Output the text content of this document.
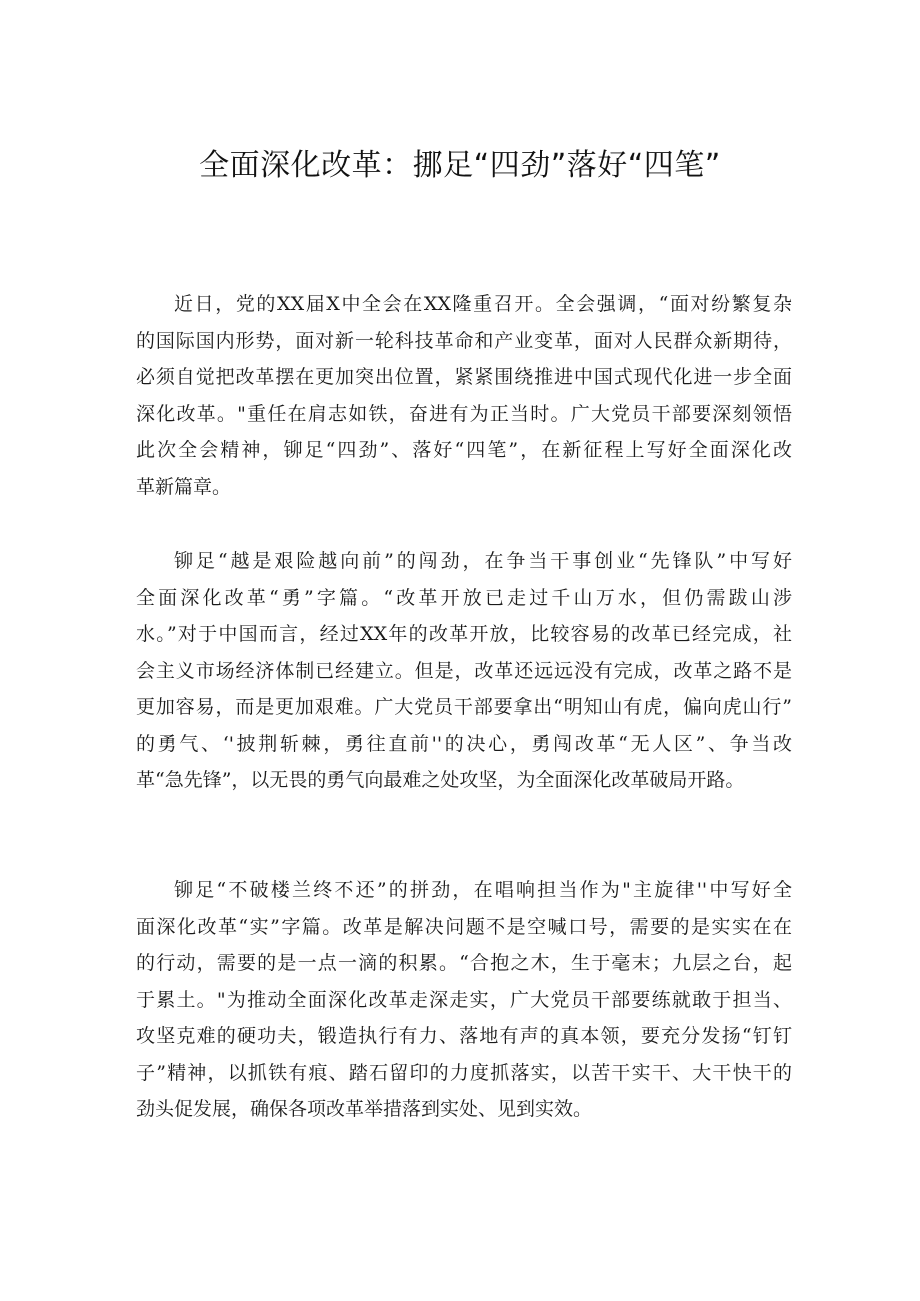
全面深化改革：挪足“四劲”落好“四笔”
近日，党的XX届X中全会在XX隆重召开。全会强调，“面对纷繁复杂
的国际国内形势，面对新一轮科技革命和产业变革，面对人民群众新期待，
必须自觉把改革摆在更加突出位置，紧紧围绕推进中国式现代化进一步全面
深化改革。"重任在肩志如铁，奋进有为正当时。广大党员干部要深刻领悟
此次全会精神，铆足“四劲”、落好“四笔”，在新征程上写好全面深化改
革新篇章。
铆足“越是艰险越向前”的闯劲，在争当干事创业“先锋队”中写好
全面深化改革“勇”字篇。“改革开放已走过千山万水，但仍需跋山涉
水。”对于中国而言，经过XX年的改革开放，比较容易的改革已经完成，社
会主义市场经济体制已经建立。但是，改革还远远没有完成，改革之路不是
更加容易，而是更加艰难。广大党员干部要拿出“明知山有虎，偏向虎山行”
的勇气、‘'披荆斩棘，勇往直前''的决心，勇闯改革“无人区”、争当改
革“急先锋”，以无畏的勇气向最难之处攻坚，为全面深化改革破局开路。
铆足“不破楼兰终不还”的拼劲，在唱响担当作为"主旋律''中写好全
面深化改革“实”字篇。改革是解决问题不是空喊口号，需要的是实实在在
的行动，需要的是一点一滴的积累。“合抱之木，生于毫末；九层之台，起
于累土。"为推动全面深化改革走深走实，广大党员干部要练就敢于担当、
攻坚克难的硬功夫，锻造执行有力、落地有声的真本领，要充分发扬“钉钉
子”精神，以抓铁有痕、踏石留印的力度抓落实，以苦干实干、大干快干的
劲头促发展，确保各项改革举措落到实处、见到实效。
